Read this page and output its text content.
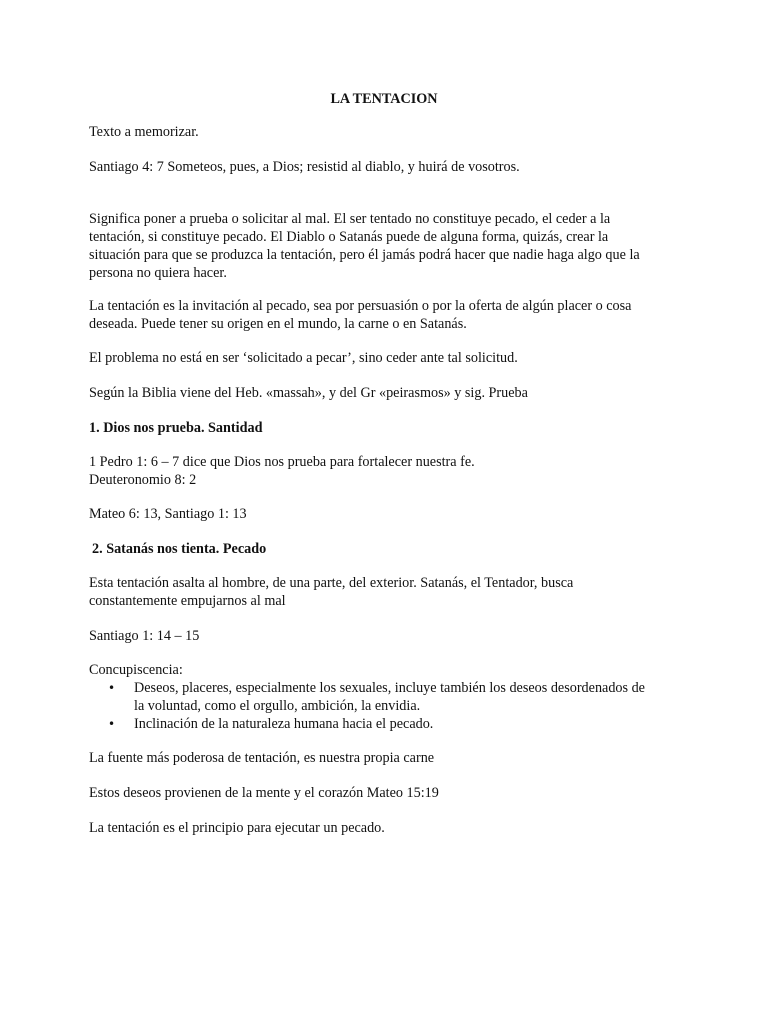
LA TENTACION

Texto a memorizar.

Santiago 4: 7 Someteos, pues, a Dios; resistid al diablo, y huirá de vosotros.

Significa poner a prueba o solicitar al mal. El ser tentado no constituye pecado, el ceder a la

tentación, si constituye pecado. El Diablo o Satanás puede de alguna forma, quizás, crear la

situación para que se produzca la tentación, pero él jamás podrá hacer que nadie haga algo que la

persona no quiera hacer.

La tentación es la invitación al pecado, sea por persuasión o por la oferta de algún placer o cosa

deseada. Puede tener su origen en el mundo, la carne o en Satanás.

El problema no está en ser ‘solicitado a pecar’, sino ceder ante tal solicitud.

Según la Biblia viene del Heb. «massah», y del Gr «peirasmos» y sig. Prueba

1. Dios nos prueba. Santidad

1 Pedro 1: 6 – 7 dice que Dios nos prueba para fortalecer nuestra fe.

Deuteronomio 8: 2

Mateo 6: 13, Santiago 1: 13

2. Satanás nos tienta. Pecado

Esta tentación asalta al hombre, de una parte, del exterior. Satanás, el Tentador, busca

constantemente empujarnos al mal

Santiago 1: 14 – 15

Concupiscencia:

• Deseos, placeres, especialmente los sexuales, incluye también los deseos desordenados de

la voluntad, como el orgullo, ambición, la envidia.

• Inclinación de la naturaleza humana hacia el pecado.

La fuente más poderosa de tentación, es nuestra propia carne

Estos deseos provienen de la mente y el corazón Mateo 15:19

La tentación es el principio para ejecutar un pecado.
